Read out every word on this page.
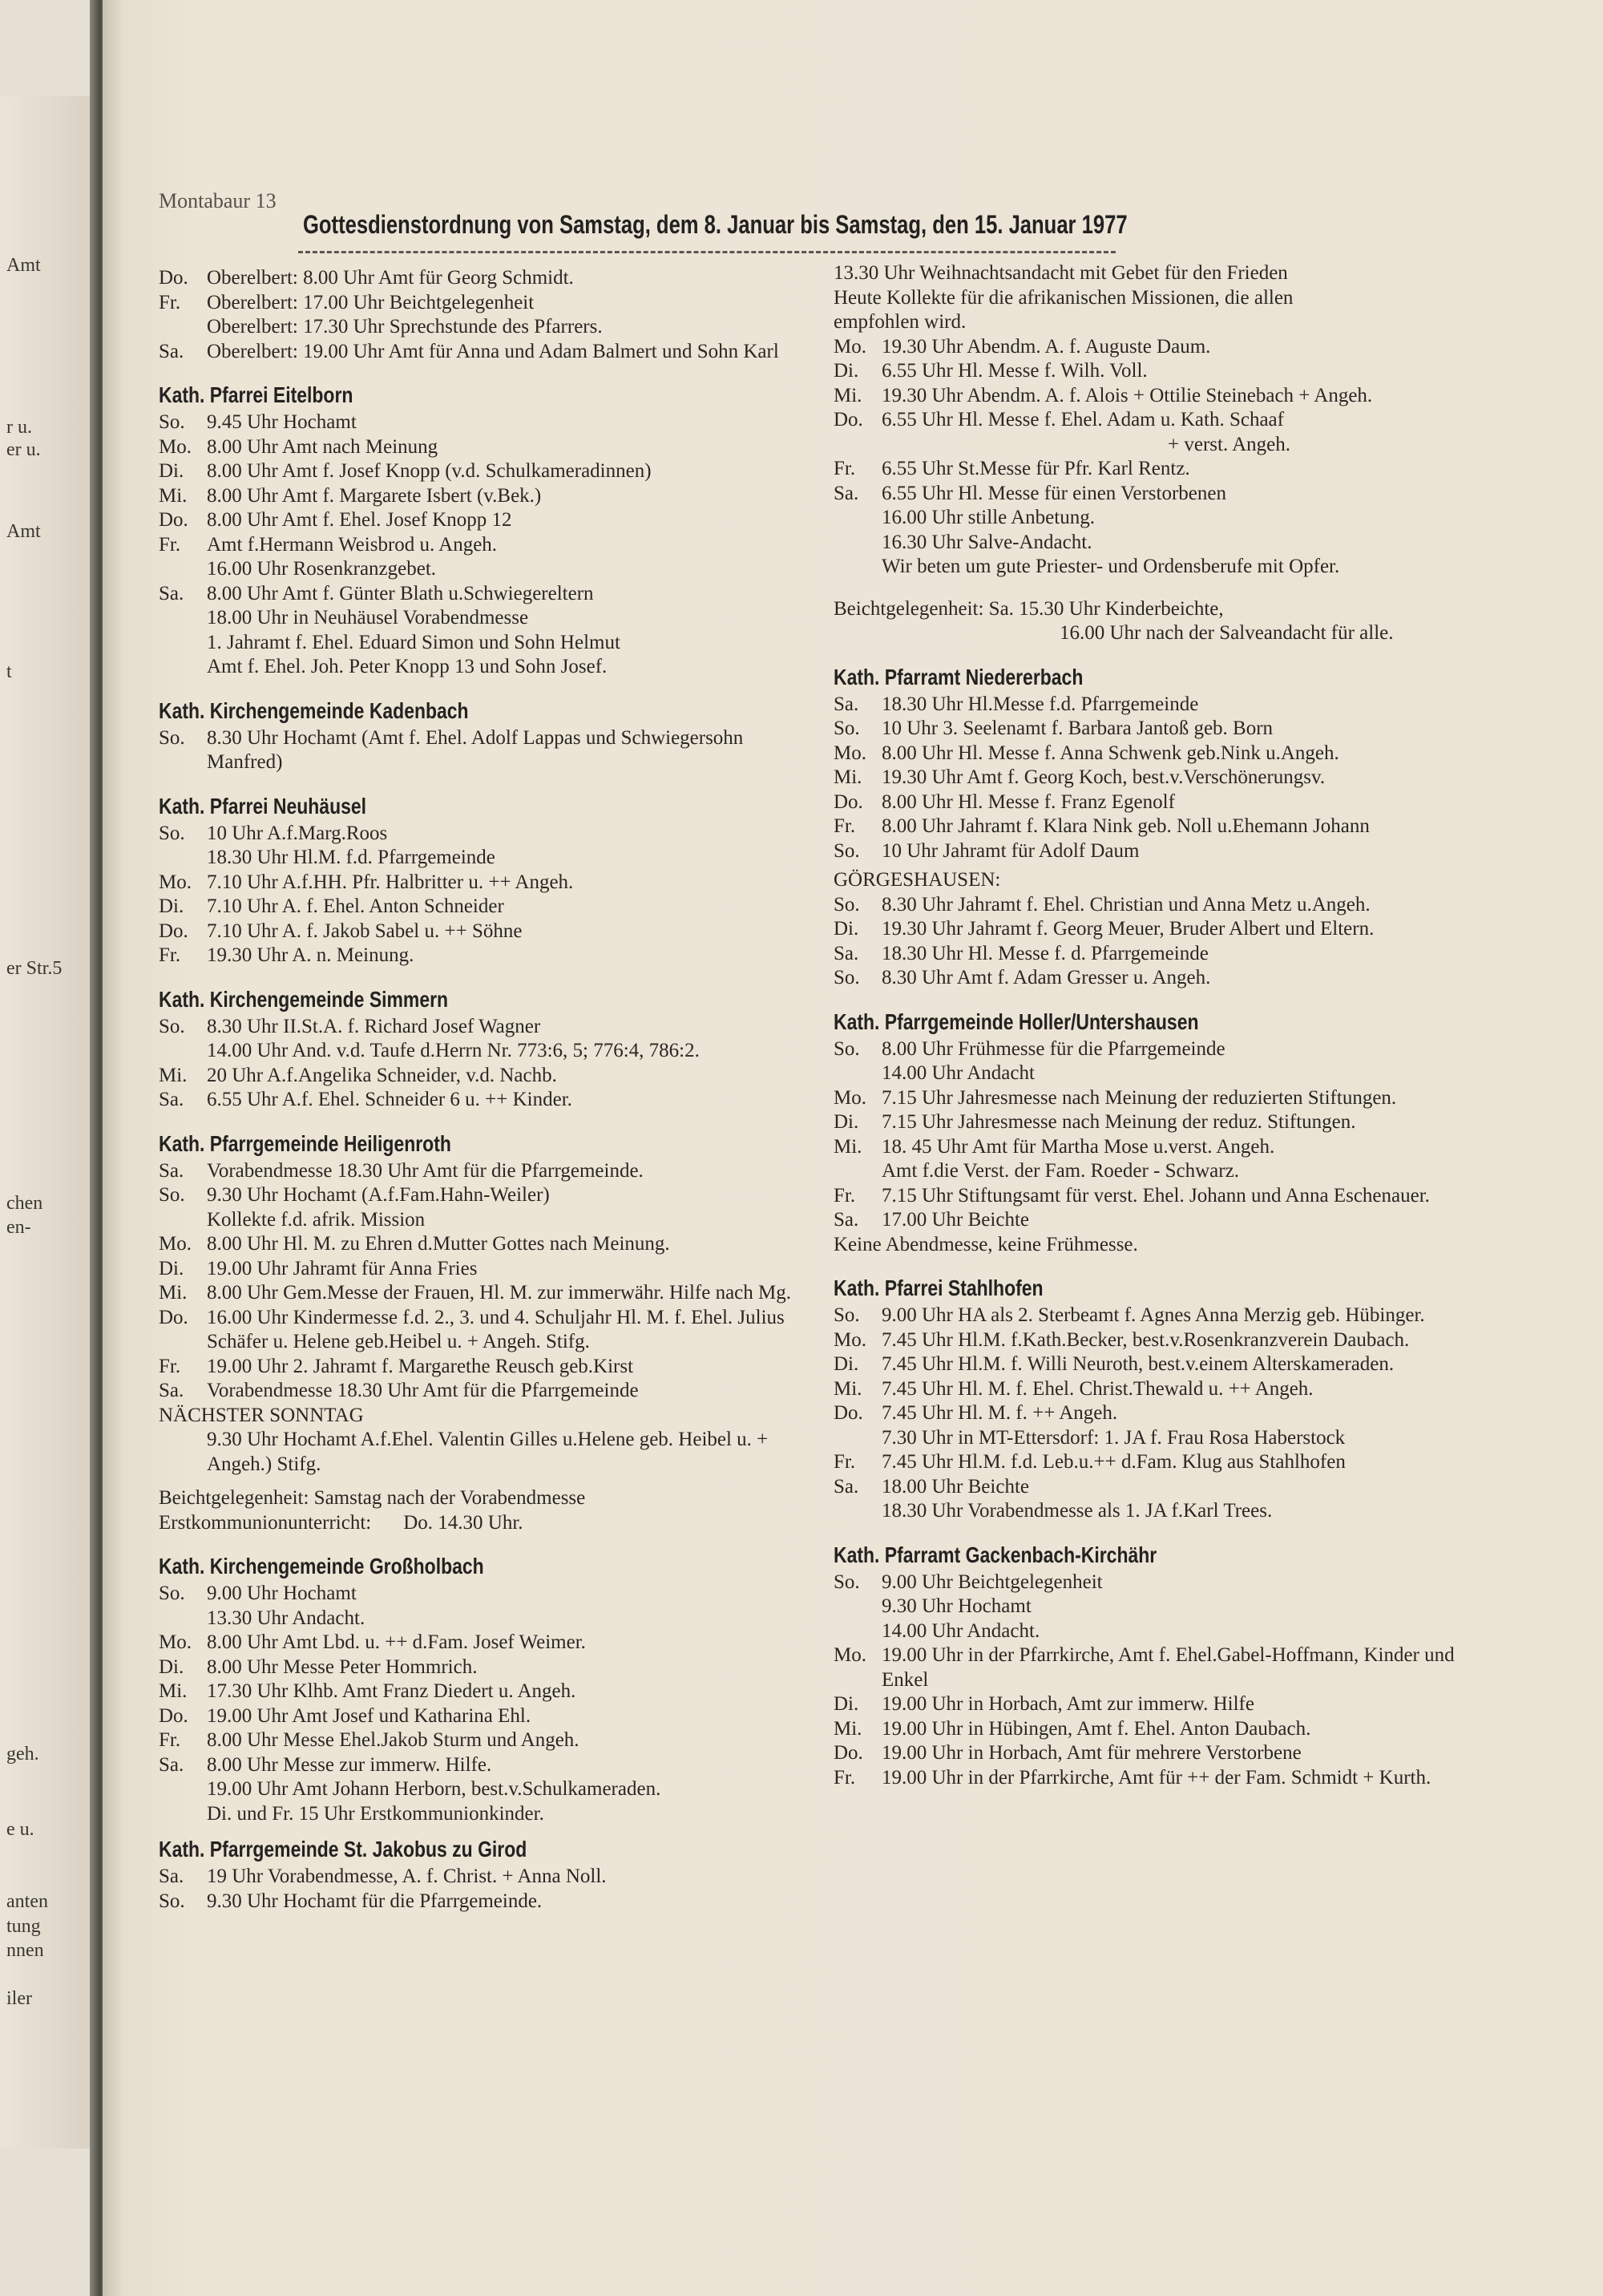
Amt
r u.
er u.
Amt
t
er Str.5
chen
en-
geh.
e u.
anten
tung
nnen
iler
Montabaur 13
Gottesdienstordnung von Samstag, dem 8. Januar bis Samstag, den 15. Januar 1977
Do. Oberelbert: 8.00 Uhr Amt für Georg Schmidt.
Fr.	Oberelbert: 17.00 Uhr Beichtgelegenheit
Oberelbert: 17.30 Uhr Sprechstunde des Pfarrers.
Sa.	Oberelbert: 19.00 Uhr Amt für Anna und Adam Balmert und Sohn Karl
Kath. Pfarrei Eitelborn
So.	9.45 Uhr Hochamt
Mo. 8.00 Uhr Amt nach Meinung
Di.	8.00 Uhr Amt f. Josef Knopp (v.d. Schulkameradinnen)
Mi. 8.00 Uhr Amt f. Margarete Isbert (v.Bek.)
Do. 8.00 Uhr Amt f. Ehel. Josef Knopp 12
Fr.	Amt f.Hermann Weisbrod u. Angeh.
16.00 Uhr Rosenkranzgebet.
Sa.	8.00 Uhr Amt f. Günter Blath u.Schwiegereltern
18.00 Uhr in Neuhäusel Vorabendmesse
1. Jahramt f. Ehel. Eduard Simon und Sohn Helmut
Amt f. Ehel. Joh. Peter Knopp 13 und Sohn Josef.
Kath. Kirchengemeinde Kadenbach
So.	8.30 Uhr Hochamt (Amt f. Ehel. Adolf Lappas und Schwiegersohn Manfred)
Kath. Pfarrei Neuhäusel
So.	10 Uhr A.f.Marg.Roos
18.30 Uhr Hl.M. f.d. Pfarrgemeinde
Mo. 7.10 Uhr A.f.HH. Pfr. Halbritter u. ++ Angeh.
Di.	7.10 Uhr A. f. Ehel. Anton Schneider
Do. 7.10 Uhr A. f. Jakob Sabel u. ++ Söhne
Fr.	19.30 Uhr A. n. Meinung.
Kath. Kirchengemeinde Simmern
So.	8.30 Uhr II.St.A. f. Richard Josef Wagner
14.00 Uhr And. v.d. Taufe d.Herrn Nr. 773:6, 5; 776:4, 786:2.
Mi. 20 Uhr A.f.Angelika Schneider, v.d. Nachb.
Sa.	6.55 Uhr A.f. Ehel. Schneider 6 u. ++ Kinder.
Kath. Pfarrgemeinde Heiligenroth
Sa.	Vorabendmesse 18.30 Uhr Amt für die Pfarrgemeinde.
So.	9.30 Uhr Hochamt (A.f.Fam.Hahn-Weiler)
Kollekte f.d. afrik. Mission
Mo. 8.00 Uhr Hl. M. zu Ehren d.Mutter Gottes nach Meinung.
Di.	19.00 Uhr Jahramt für Anna Fries
Mi. 8.00 Uhr Gem.Messe der Frauen, Hl. M. zur immerwähr. Hilfe nach Mg.
Do. 16.00 Uhr Kindermesse f.d. 2., 3. und 4. Schuljahr Hl. M. f. Ehel. Julius Schäfer u. Helene geb.Heibel u. + Angeh. Stifg.
Fr.	19.00 Uhr 2. Jahramt f. Margarethe Reusch geb.Kirst
Sa.	Vorabendmesse 18.30 Uhr Amt für die Pfarrgemeinde
NÄCHSTER SONNTAG
9.30 Uhr Hochamt A.f.Ehel. Valentin Gilles u.Helene geb. Heibel u. + Angeh.) Stifg.
Beichtgelegenheit: Samstag nach der Vorabendmesse
Erstkommunionunterricht: Do. 14.30 Uhr.
Kath. Kirchengemeinde Großholbach
So.	9.00 Uhr Hochamt
13.30 Uhr Andacht.
Mo. 8.00 Uhr Amt Lbd. u. ++ d.Fam. Josef Weimer.
Di.	8.00 Uhr Messe Peter Hommrich.
Mi. 17.30 Uhr Klhb. Amt Franz Diedert u. Angeh.
Do. 19.00 Uhr Amt Josef und Katharina Ehl.
Fr.	8.00 Uhr Messe Ehel.Jakob Sturm und Angeh.
Sa.	8.00 Uhr Messe zur immerw. Hilfe.
19.00 Uhr Amt Johann Herborn, best.v.Schulkameraden.
Di. und Fr. 15 Uhr Erstkommunionkinder.
Kath. Pfarrgemeinde St. Jakobus zu Girod
Sa.	19 Uhr Vorabendmesse, A. f. Christ. + Anna Noll.
So.	9.30 Uhr Hochamt für die Pfarrgemeinde.
13.30 Uhr Weihnachtsandacht mit Gebet für den Frieden
Heute Kollekte für die afrikanischen Missionen, die allen
empfohlen wird.
Mo. 19.30 Uhr Abendm. A. f. Auguste Daum.
Di.	6.55 Uhr Hl. Messe f. Wilh. Voll.
Mi. 19.30 Uhr Abendm. A. f. Alois + Ottilie Steinebach + Angeh.
Do. 6.55 Uhr Hl. Messe f. Ehel. Adam u. Kath. Schaaf
+ verst. Angeh.
Fr.	6.55 Uhr St.Messe für Pfr. Karl Rentz.
Sa.	6.55 Uhr Hl. Messe für einen Verstorbenen
16.00 Uhr stille Anbetung.
16.30 Uhr Salve-Andacht.
Wir beten um gute Priester- und Ordensberufe mit Opfer.
Beichtgelegenheit: Sa. 15.30 Uhr Kinderbeichte,
16.00 Uhr nach der Salveandacht für alle.
Kath. Pfarramt Niedererbach
Sa.	18.30 Uhr Hl.Messe f.d. Pfarrgemeinde
So.	10 Uhr 3. Seelenamt f. Barbara Jantoß geb. Born
Mo. 8.00 Uhr Hl. Messe f. Anna Schwenk geb.Nink u.Angeh.
Mi. 19.30 Uhr Amt f. Georg Koch, best.v.Verschönerungsv.
Do. 8.00 Uhr Hl. Messe f. Franz Egenolf
Fr.	8.00 Uhr Jahramt f. Klara Nink geb. Noll u.Ehemann Johann
So.	10 Uhr Jahramt für Adolf Daum
GÖRGESHAUSEN:
So.	8.30 Uhr Jahramt f. Ehel. Christian und Anna Metz u.Angeh.
Di.	19.30 Uhr Jahramt f. Georg Meuer, Bruder Albert und Eltern.
Sa.	18.30 Uhr Hl. Messe f. d. Pfarrgemeinde
So.	8.30 Uhr Amt f. Adam Gresser u. Angeh.
Kath. Pfarrgemeinde Holler/Untershausen
So.	8.00 Uhr Frühmesse für die Pfarrgemeinde
14.00 Uhr Andacht
Mo. 7.15 Uhr Jahresmesse nach Meinung der reduzierten Stiftungen.
Di.	7.15 Uhr Jahresmesse nach Meinung der reduz. Stiftungen.
Mi. 18. 45 Uhr Amt für Martha Mose u.verst. Angeh.
Amt f.die Verst. der Fam. Roeder - Schwarz.
Fr.	7.15 Uhr Stiftungsamt für verst. Ehel. Johann und Anna Eschenauer.
Sa.	17.00 Uhr Beichte
Keine Abendmesse, keine Frühmesse.
Kath. Pfarrei Stahlhofen
So.	9.00 Uhr HA als 2. Sterbeamt f. Agnes Anna Merzig geb. Hübinger.
Mo. 7.45 Uhr Hl.M. f.Kath.Becker, best.v.Rosenkranzverein Daubach.
Di.	7.45 Uhr Hl.M. f. Willi Neuroth, best.v.einem Alterskameraden.
Mi. 7.45 Uhr Hl. M. f. Ehel. Christ.Thewald u. ++ Angeh.
Do. 7.45 Uhr Hl. M. f. ++ Angeh.
7.30 Uhr in MT-Ettersdorf: 1. JA f. Frau Rosa Haberstock
Fr.	7.45 Uhr Hl.M. f.d. Leb.u.++ d.Fam. Klug aus Stahlhofen
Sa.	18.00 Uhr Beichte
18.30 Uhr Vorabendmesse als 1. JA f.Karl Trees.
Kath. Pfarramt Gackenbach-Kirchähr
So.	9.00 Uhr Beichtgelegenheit
9.30 Uhr Hochamt
14.00 Uhr Andacht.
Mo. 19.00 Uhr in der Pfarrkirche, Amt f. Ehel.Gabel-Hoffmann, Kinder und Enkel
Di.	19.00 Uhr in Horbach, Amt zur immerw. Hilfe
Mi. 19.00 Uhr in Hübingen, Amt f. Ehel. Anton Daubach.
Do. 19.00 Uhr in Horbach, Amt für mehrere Verstorbene
Fr.	19.00 Uhr in der Pfarrkirche, Amt für ++ der Fam. Schmidt + Kurth.
